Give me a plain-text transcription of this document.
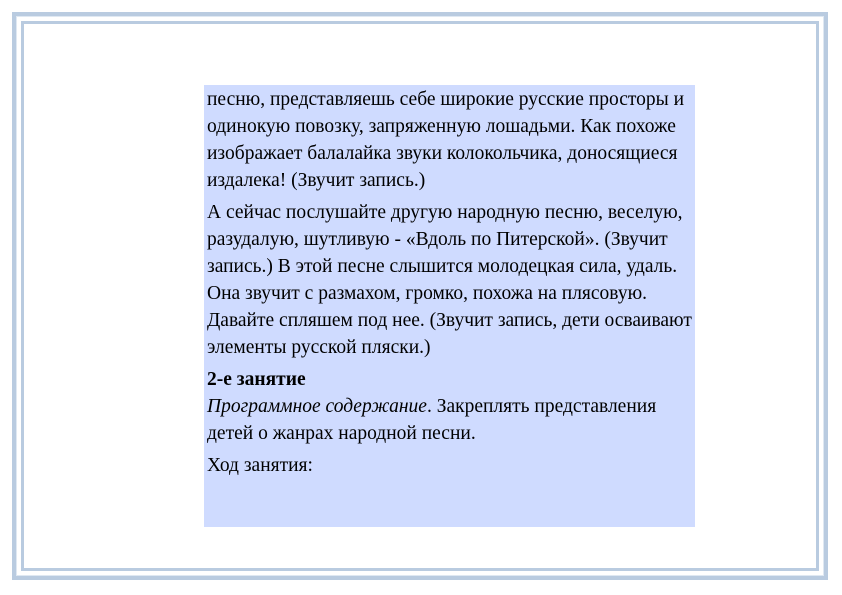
песню, представляешь себе широкие русские просторы и одинокую повозку, запряженную лошадьми. Как похоже изображает балалайка звуки колокольчика, доносящиеся издалека! (Звучит запись.)

А сейчас послушайте другую народную песню, веселую, разудалую, шутливую - «Вдоль по Питерской». (Звучит запись.) В этой песне слышится молодецкая сила, удаль. Она звучит с размахом, громко, похожа на плясовую. Давайте спляшем под нее. (Звучит запись, дети осваивают элементы русской пляски.)

2-е занятие

Программное содержание. Закреплять представления детей о жанрах народной песни.

Ход занятия:
